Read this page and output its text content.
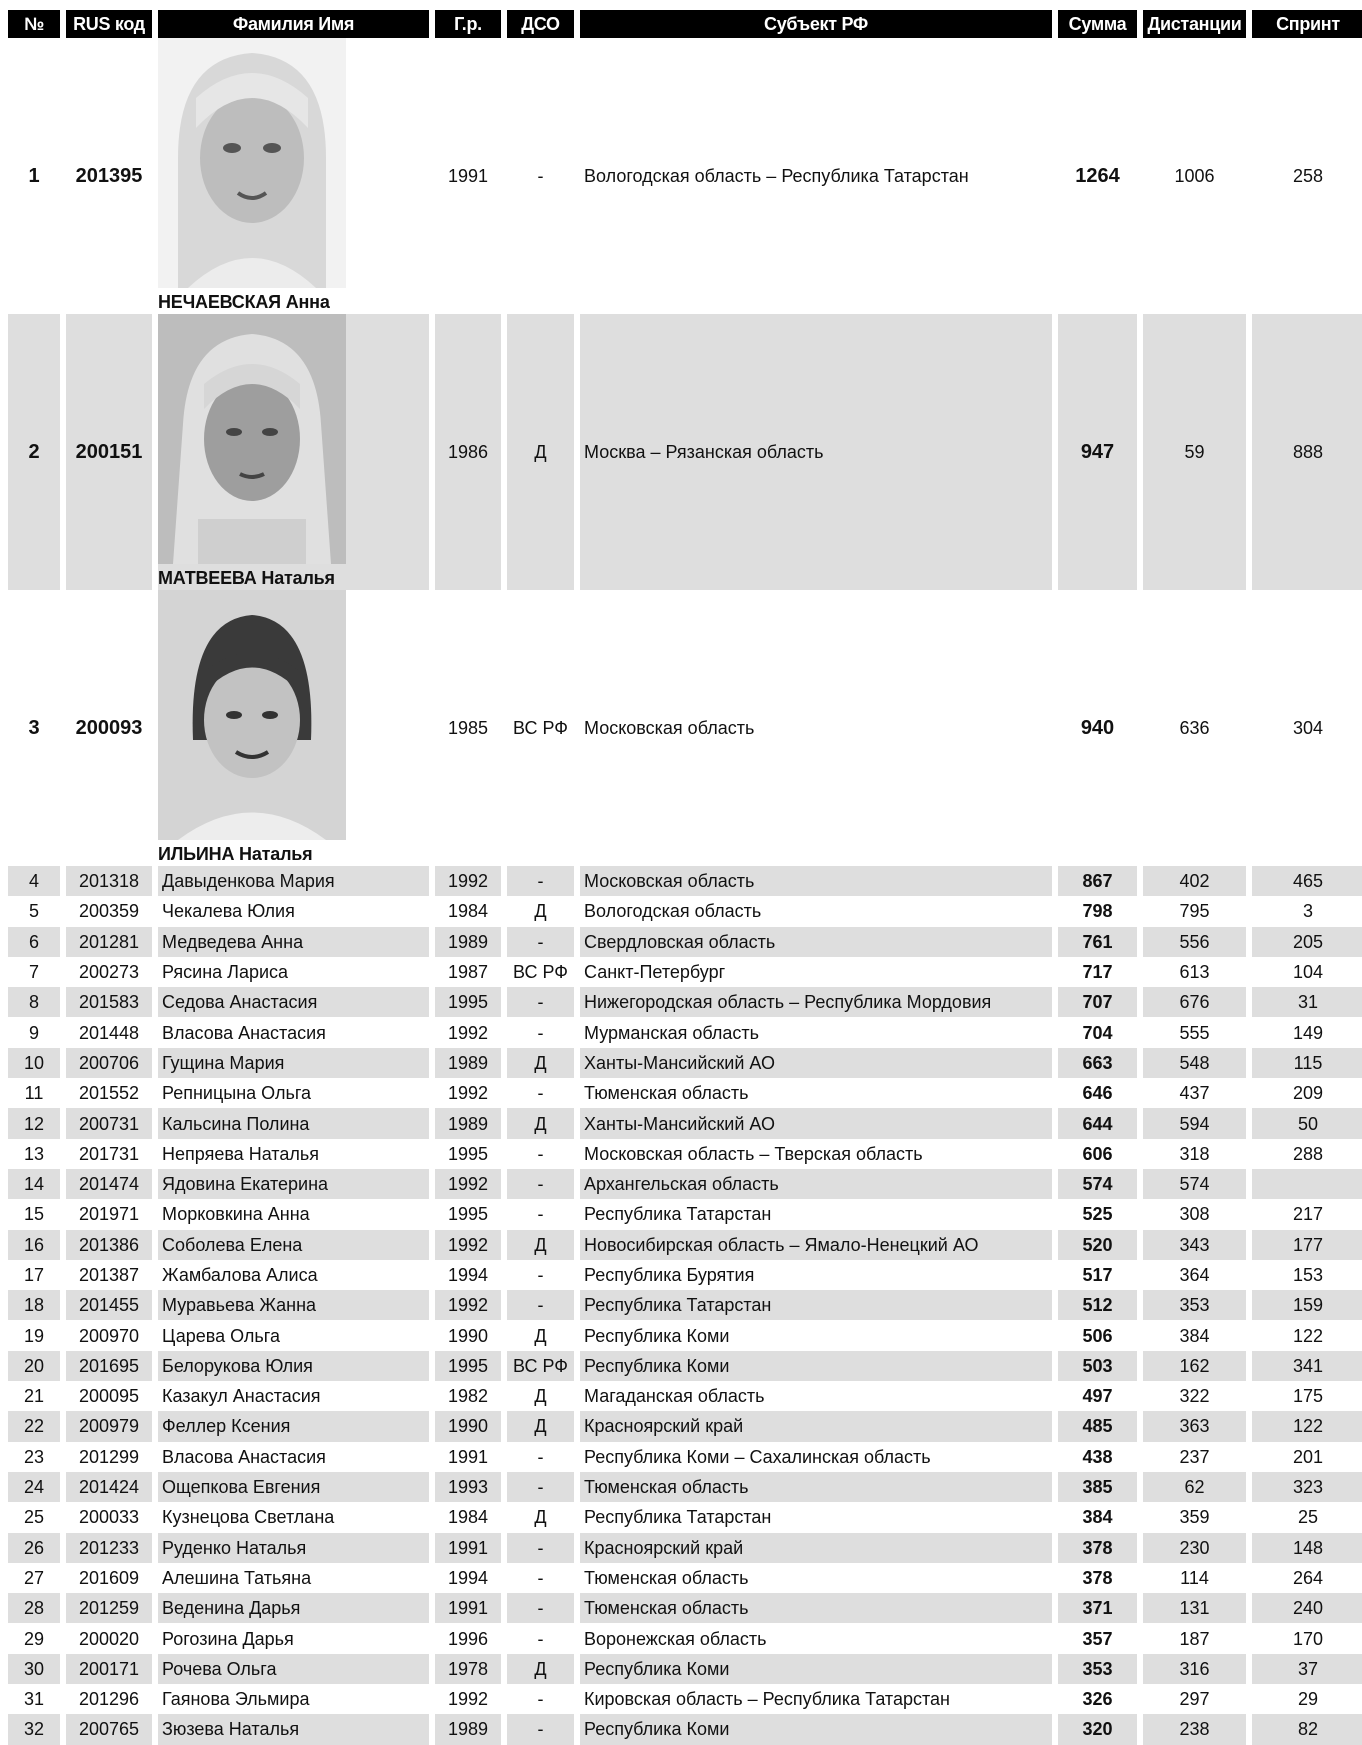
№	RUS код	Фамилия Имя	Г.р.	ДСО	Субъект РФ	Сумма	Дистанции	Спринт
1	201395	НЕЧАЕВСКАЯ Анна	1991	-	Вологодская область – Республика Татарстан	1264	1006	258
2	200151	МАТВЕЕВА Наталья	1986	Д	Москва – Рязанская область	947	59	888
3	200093	ИЛЬИНА Наталья	1985	ВС РФ	Московская область	940	636	304
4	201318	Давыденкова Мария	1992	-	Московская область	867	402	465
5	200359	Чекалева Юлия	1984	Д	Вологодская область	798	795	3
6	201281	Медведева Анна	1989	-	Свердловская область	761	556	205
7	200273	Рясина Лариса	1987	ВС РФ	Санкт-Петербург	717	613	104
8	201583	Седова Анастасия	1995	-	Нижегородская область – Республика Мордовия	707	676	31
9	201448	Власова Анастасия	1992	-	Мурманская область	704	555	149
10	200706	Гущина Мария	1989	Д	Ханты-Мансийский АО	663	548	115
11	201552	Репницына Ольга	1992	-	Тюменская область	646	437	209
12	200731	Кальсина Полина	1989	Д	Ханты-Мансийский АО	644	594	50
13	201731	Непряева Наталья	1995	-	Московская область – Тверская область	606	318	288
14	201474	Ядовина Екатерина	1992	-	Архангельская область	574	574	
15	201971	Морковкина Анна	1995	-	Республика Татарстан	525	308	217
16	201386	Соболева Елена	1992	Д	Новосибирская область – Ямало-Ненецкий АО	520	343	177
17	201387	Жамбалова Алиса	1994	-	Республика Бурятия	517	364	153
18	201455	Муравьева Жанна	1992	-	Республика Татарстан	512	353	159
19	200970	Царева Ольга	1990	Д	Республика Коми	506	384	122
20	201695	Белорукова Юлия	1995	ВС РФ	Республика Коми	503	162	341
21	200095	Казакул Анастасия	1982	Д	Магаданская область	497	322	175
22	200979	Феллер Ксения	1990	Д	Красноярский край	485	363	122
23	201299	Власова Анастасия	1991	-	Республика Коми – Сахалинская область	438	237	201
24	201424	Ощепкова Евгения	1993	-	Тюменская область	385	62	323
25	200033	Кузнецова Светлана	1984	Д	Республика Татарстан	384	359	25
26	201233	Руденко Наталья	1991	-	Красноярский край	378	230	148
27	201609	Алешина Татьяна	1994	-	Тюменская область	378	114	264
28	201259	Веденина Дарья	1991	-	Тюменская область	371	131	240
29	200020	Рогозина Дарья	1996	-	Воронежская область	357	187	170
30	200171	Рочева Ольга	1978	Д	Республика Коми	353	316	37
31	201296	Гаянова Эльмира	1992	-	Кировская область – Республика Татарстан	326	297	29
32	200765	Зюзева Наталья	1989	-	Республика Коми	320	238	82
